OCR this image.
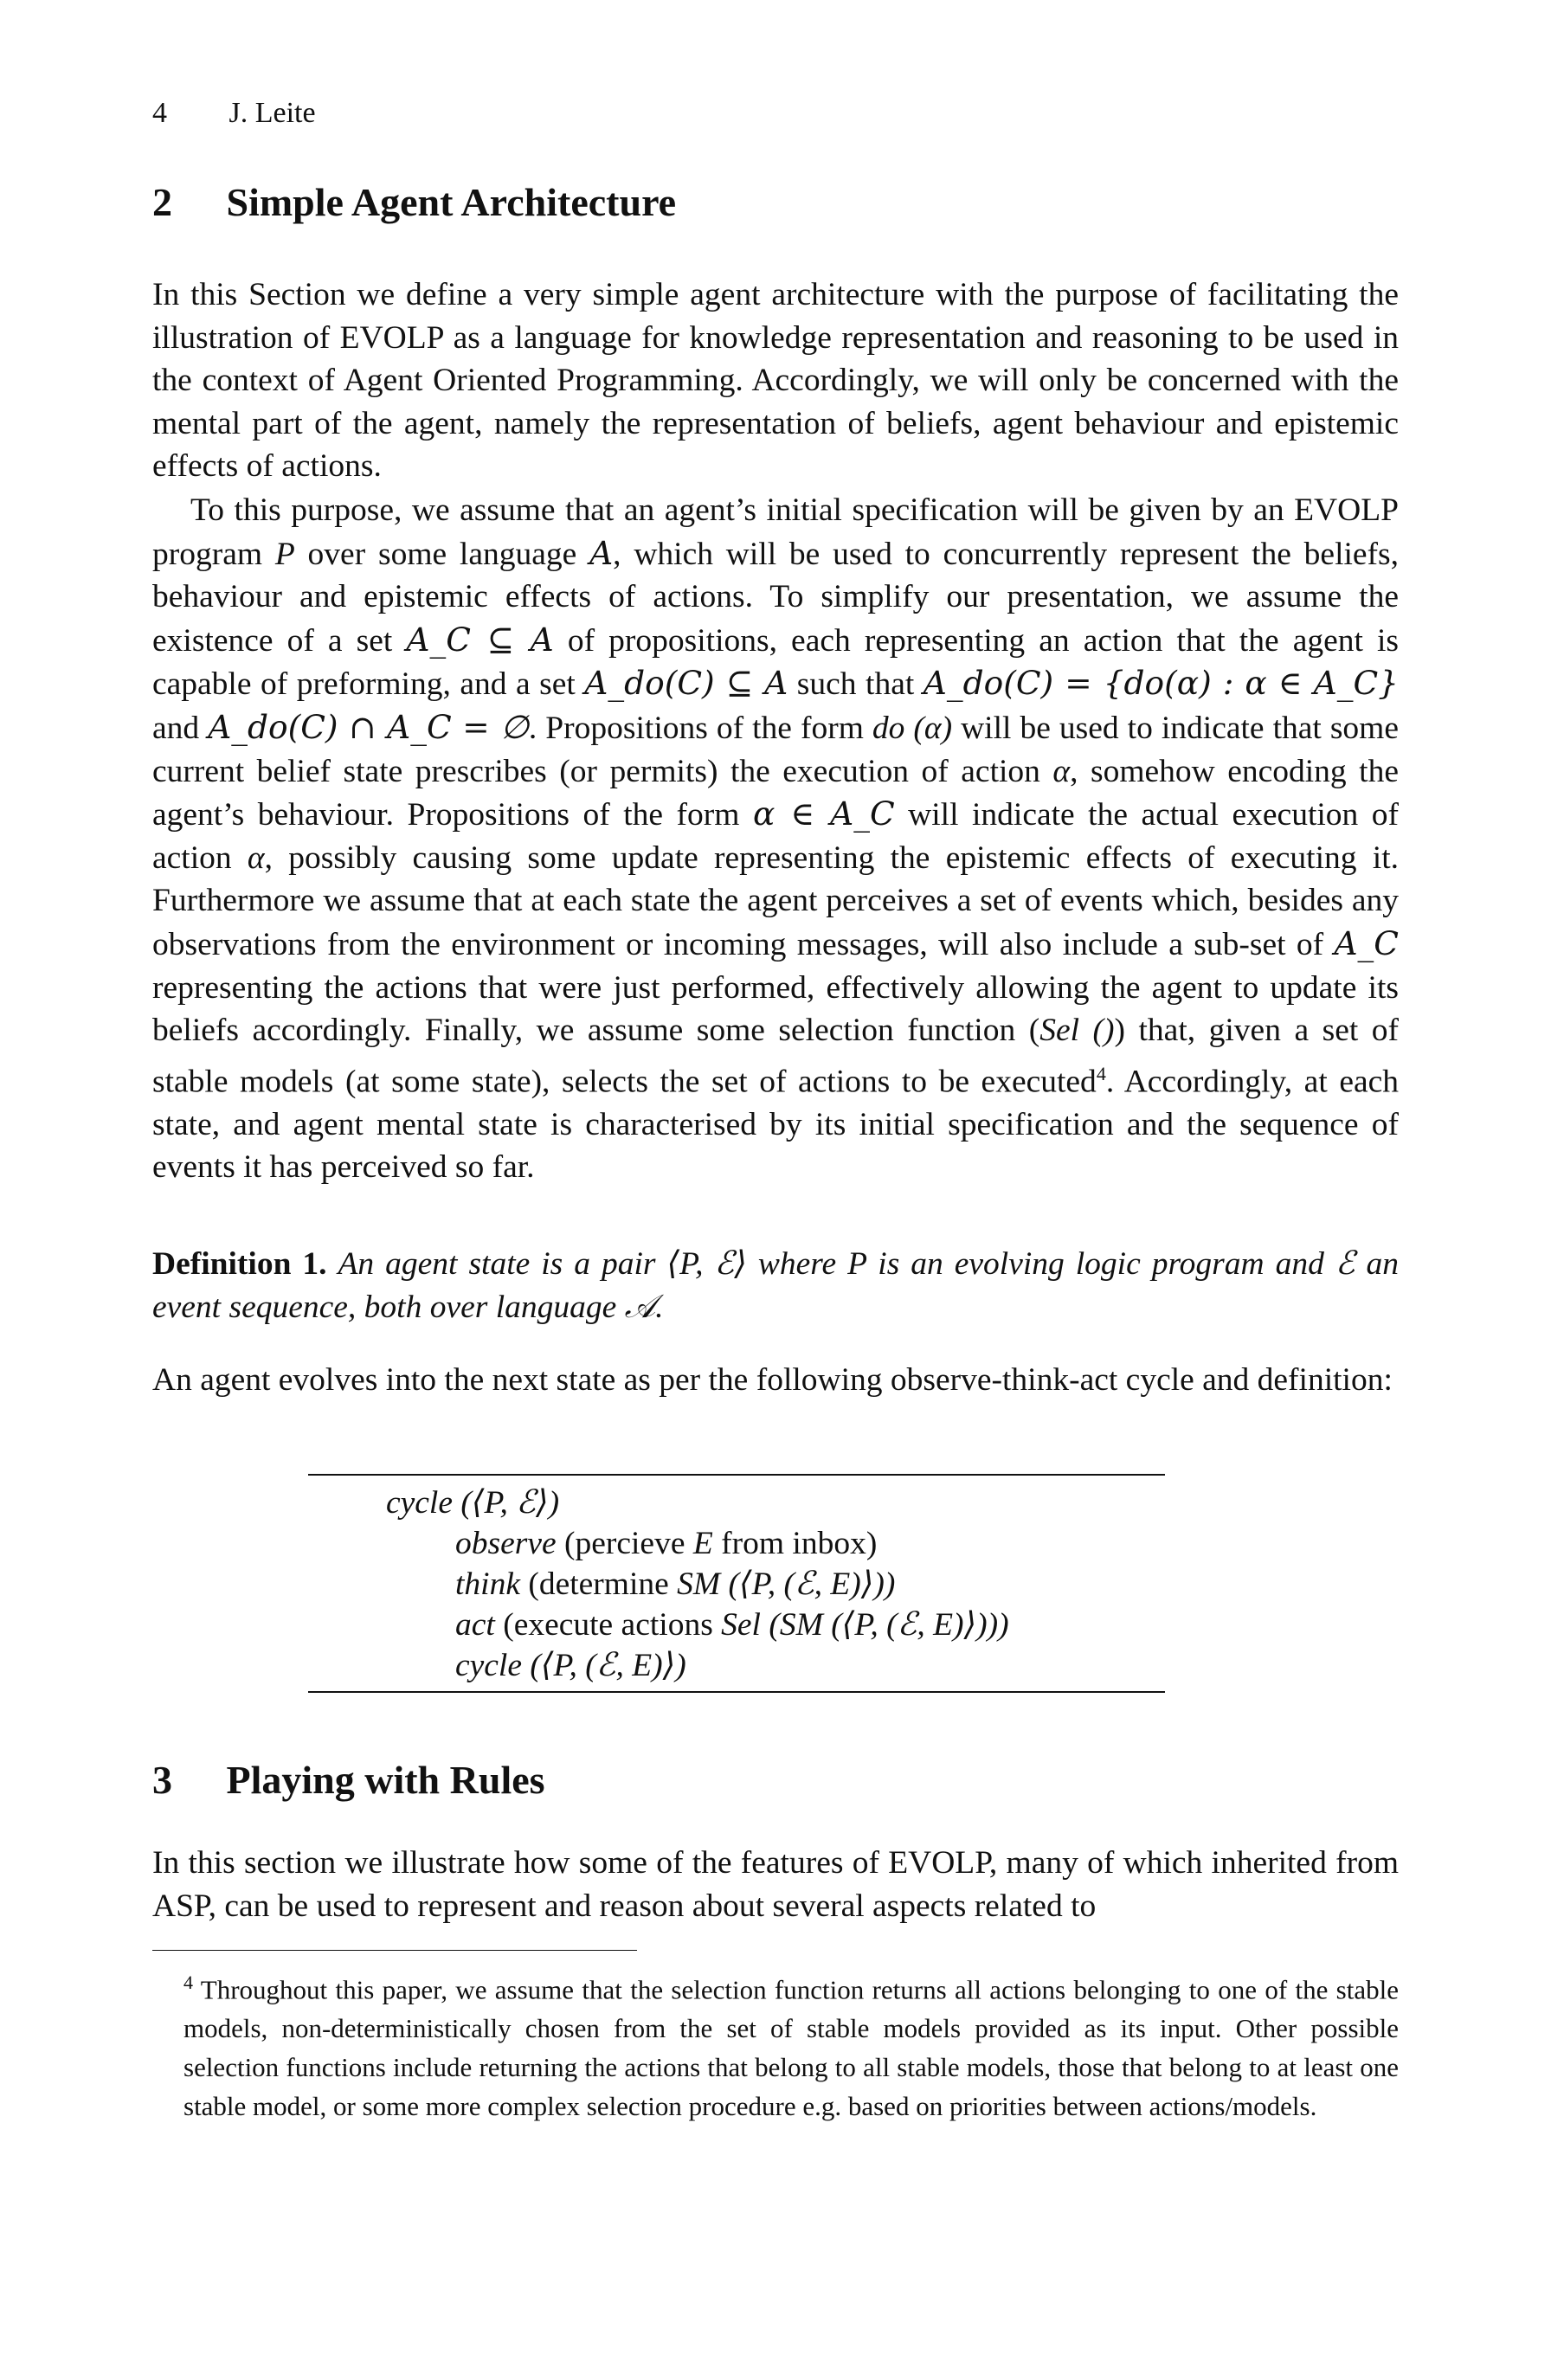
4 J. Leite
2 Simple Agent Architecture

In this Section we define a very simple agent architecture with the purpose of facilitating the illustration of EVOLP as a language for knowledge representation and reasoning to be used in the context of Agent Oriented Programming. Accordingly, we will only be concerned with the mental part of the agent, namely the representation of beliefs, agent behaviour and epistemic effects of actions.

To this purpose, we assume that an agent’s initial specification will be given by an EVOLP program P over some language A, which will be used to concurrently represent the beliefs, behaviour and epistemic effects of actions. To simplify our presentation, we assume the existence of a set A_C ⊆ A of propositions, each representing an action that the agent is capable of preforming, and a set A_do(C) ⊆ A such that A_do(C) = {do(α) : α ∈ A_C} and A_do(C) ∩ A_C = ∅. Propositions of the form do (α) will be used to indicate that some current belief state prescribes (or permits) the execution of action α, somehow encoding the agent’s behaviour. Propositions of the form α ∈ A_C will indicate the actual execution of action α, possibly causing some update representing the epistemic effects of executing it. Furthermore we assume that at each state the agent perceives a set of events which, besides any observations from the environment or incoming messages, will also include a sub-set of A_C representing the actions that were just performed, effectively allowing the agent to update its beliefs accordingly. Finally, we assume some selection function (Sel ()) that, given a set of stable models (at some state), selects the set of actions to be executed$^4$. Accordingly, at each state, and agent mental state is characterised by its initial specification and the sequence of events it has perceived so far.

Definition 1. An agent state is a pair ⟨P, ℰ⟩ where P is an evolving logic program and ℰ an event sequence, both over language 𝒜.

An agent evolves into the next state as per the following observe-think-act cycle and definition:

cycle (⟨P, ℰ⟩)
observe (percieve E from inbox)
think (determine SM (⟨P, (ℰ, E)⟩))
act (execute actions Sel (SM (⟨P, (ℰ, E)⟩)))
cycle (⟨P, (ℰ, E)⟩)
3 Playing with Rules

In this section we illustrate how some of the features of EVOLP, many of which inherited from ASP, can be used to represent and reason about several aspects related to

$^4$ Throughout this paper, we assume that the selection function returns all actions belonging to one of the stable models, non-deterministically chosen from the set of stable models provided as its input. Other possible selection functions include returning the actions that belong to all stable models, those that belong to at least one stable model, or some more complex selection procedure e.g. based on priorities between actions/models.
